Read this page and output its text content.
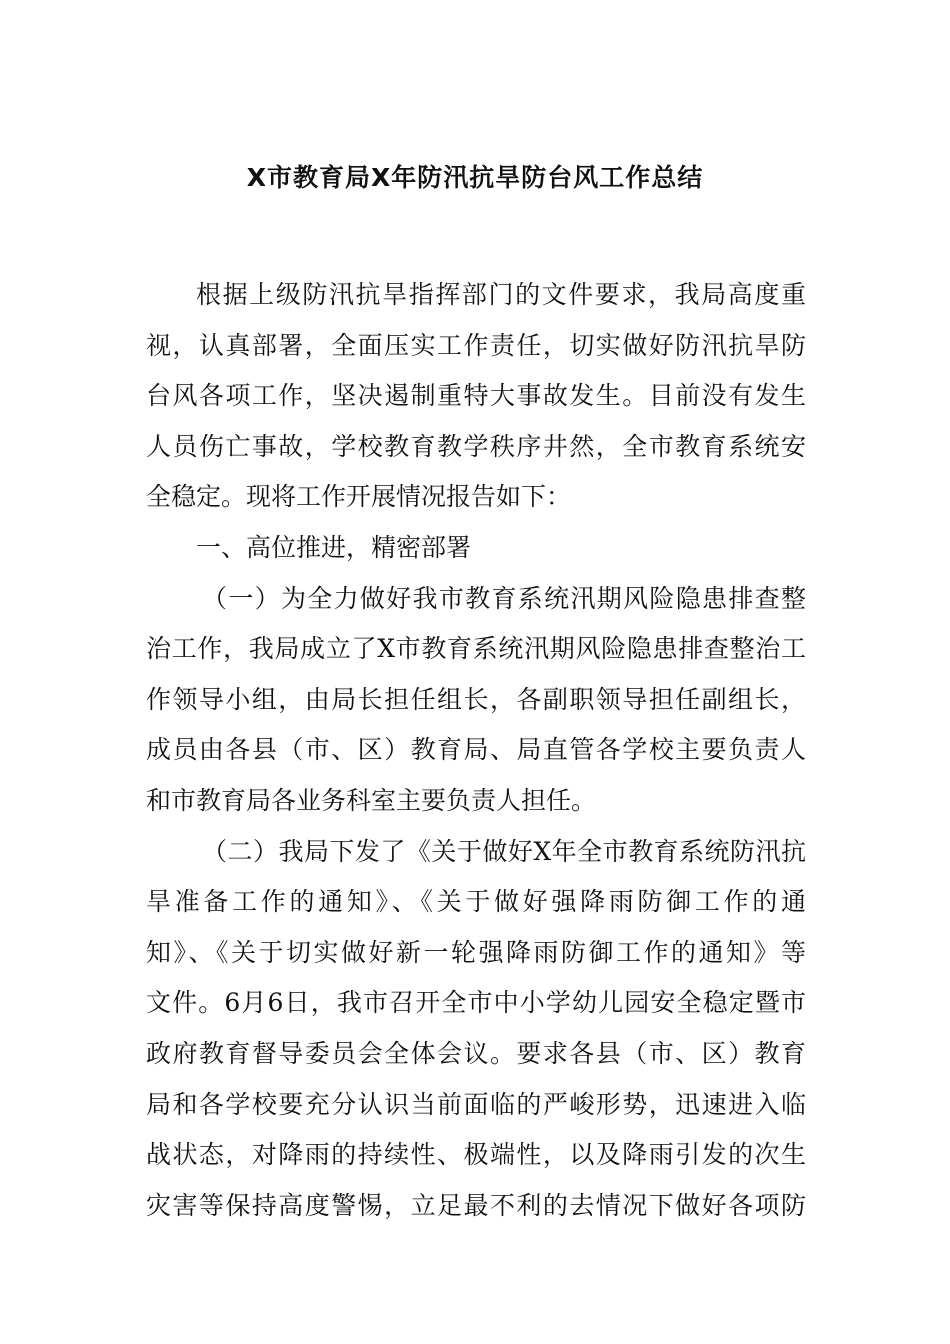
X市教育局X年防汛抗旱防台风工作总结
根据上级防汛抗旱指挥部门的文件要求，我局高度重
视，认真部署，全面压实工作责任，切实做好防汛抗旱防
台风各项工作，坚决遏制重特大事故发生。目前没有发生
人员伤亡事故，学校教育教学秩序井然，全市教育系统安
全稳定。现将工作开展情况报告如下：
一、高位推进，精密部署
（一）为全力做好我市教育系统汛期风险隐患排查整
治工作，我局成立了X市教育系统汛期风险隐患排查整治工
作领导小组，由局长担任组长，各副职领导担任副组长，
成员由各县（市、区）教育局、局直管各学校主要负责人
和市教育局各业务科室主要负责人担任。
（二）我局下发了《关于做好X年全市教育系统防汛抗
旱准备工作的通知》、《关于做好强降雨防御工作的通
知》、《关于切实做好新一轮强降雨防御工作的通知》等
文件。6月6日，我市召开全市中小学幼儿园安全稳定暨市
政府教育督导委员会全体会议。要求各县（市、区）教育
局和各学校要充分认识当前面临的严峻形势，迅速进入临
战状态，对降雨的持续性、极端性，以及降雨引发的次生
灾害等保持高度警惕，立足最不利的去情况下做好各项防
